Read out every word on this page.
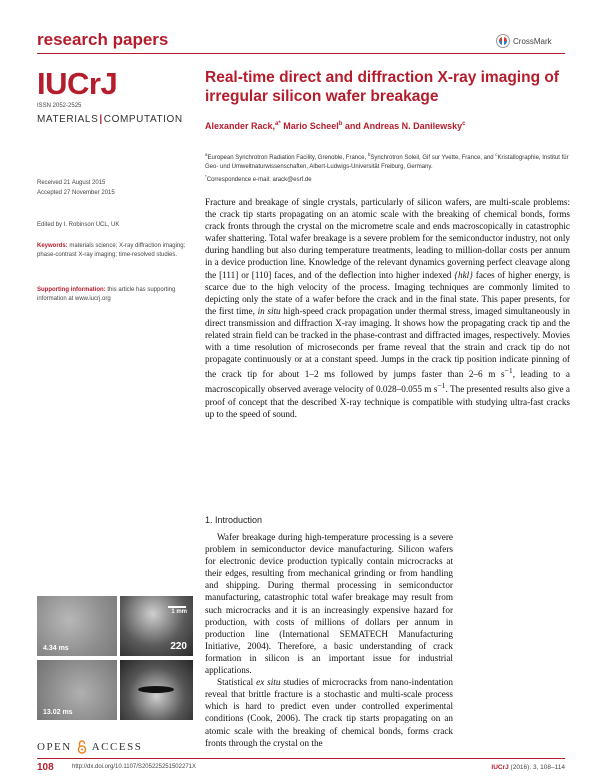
research papers	CrossMark
IUCrJ
ISSN 2052-2525
MATERIALS|COMPUTATION
Real-time direct and diffraction X-ray imaging of irregular silicon wafer breakage
Alexander Rack,$^{a*}$ Mario Scheel$^b$ and Andreas N. Danilewsky$^c$
$^a$European Synchrotron Radiation Facility, Grenoble, France, $^b$Synchrotron Soleil, Gif sur Yvette, France, and $^c$Kristallographie, Institut für Geo- und Umweltnaturwissenschaften, Albert-Ludwigs-Universität Freiburg, Germany.
*Correspondence e-mail: arack@esrf.de
Received 21 August 2015
Accepted 27 November 2015
Edited by I. Robinson UCL, UK
Keywords: materials science; X-ray diffraction imaging; phase-contrast X-ray imaging; time-resolved studies.
Supporting information: this article has supporting information at www.iucrj.org
Fracture and breakage of single crystals, particularly of silicon wafers, are multi-scale problems: the crack tip starts propagating on an atomic scale with the breaking of chemical bonds, forms crack fronts through the crystal on the micrometre scale and ends macroscopically in catastrophic wafer shattering. Total wafer breakage is a severe problem for the semiconductor industry, not only during handling but also during temperature treatments, leading to million-dollar costs per annum in a device production line. Knowledge of the relevant dynamics governing perfect cleavage along the [111] or [110] faces, and of the deflection into higher indexed {hkl} faces of higher energy, is scarce due to the high velocity of the process. Imaging techniques are commonly limited to depicting only the state of a wafer before the crack and in the final state. This paper presents, for the first time, in situ high-speed crack propagation under thermal stress, imaged simultaneously in direct transmission and diffraction X-ray imaging. It shows how the propagating crack tip and the related strain field can be tracked in the phase-contrast and diffracted images, respectively. Movies with a time resolution of microseconds per frame reveal that the strain and crack tip do not propagate continuously or at a constant speed. Jumps in the crack tip position indicate pinning of the crack tip for about 1–2 ms followed by jumps faster than 2–6 m $s^{-1}$, leading to a macroscopically observed average velocity of 0.028–0.055 m $s^{-1}$. The presented results also give a proof of concept that the described X-ray technique is compatible with studying ultra-fast cracks up to the speed of sound.
1. Introduction

Wafer breakage during high-temperature processing is a severe problem in semiconductor device manufacturing. Silicon wafers for electronic device production typically contain microcracks at their edges, resulting from mechanical grinding or from handling and shipping. During thermal processing in semiconductor manufacturing, catastrophic total wafer breakage may result from such microcracks and it is an increasingly expensive hazard for production, with costs of millions of dollars per annum in production line (International SEMATECH Manufacturing Initiative, 2004). Therefore, a basic understanding of crack formation in silicon is an important issue for industrial applications.

Statistical ex situ studies of microcracks from nano-indentation reveal that brittle fracture is a stochastic and multi-scale process which is hard to predict even under controlled experimental conditions (Cook, 2006). The crack tip starts propagating on an atomic scale with the breaking of chemical bonds, forms crack fronts through the crystal on the

4.34 ms
1 mm
220
13.02 ms
OPEN ACCESS
108	http://dx.doi.org/10.1107/S205225251502271X	IUCrJ (2016). 3, 108–114
